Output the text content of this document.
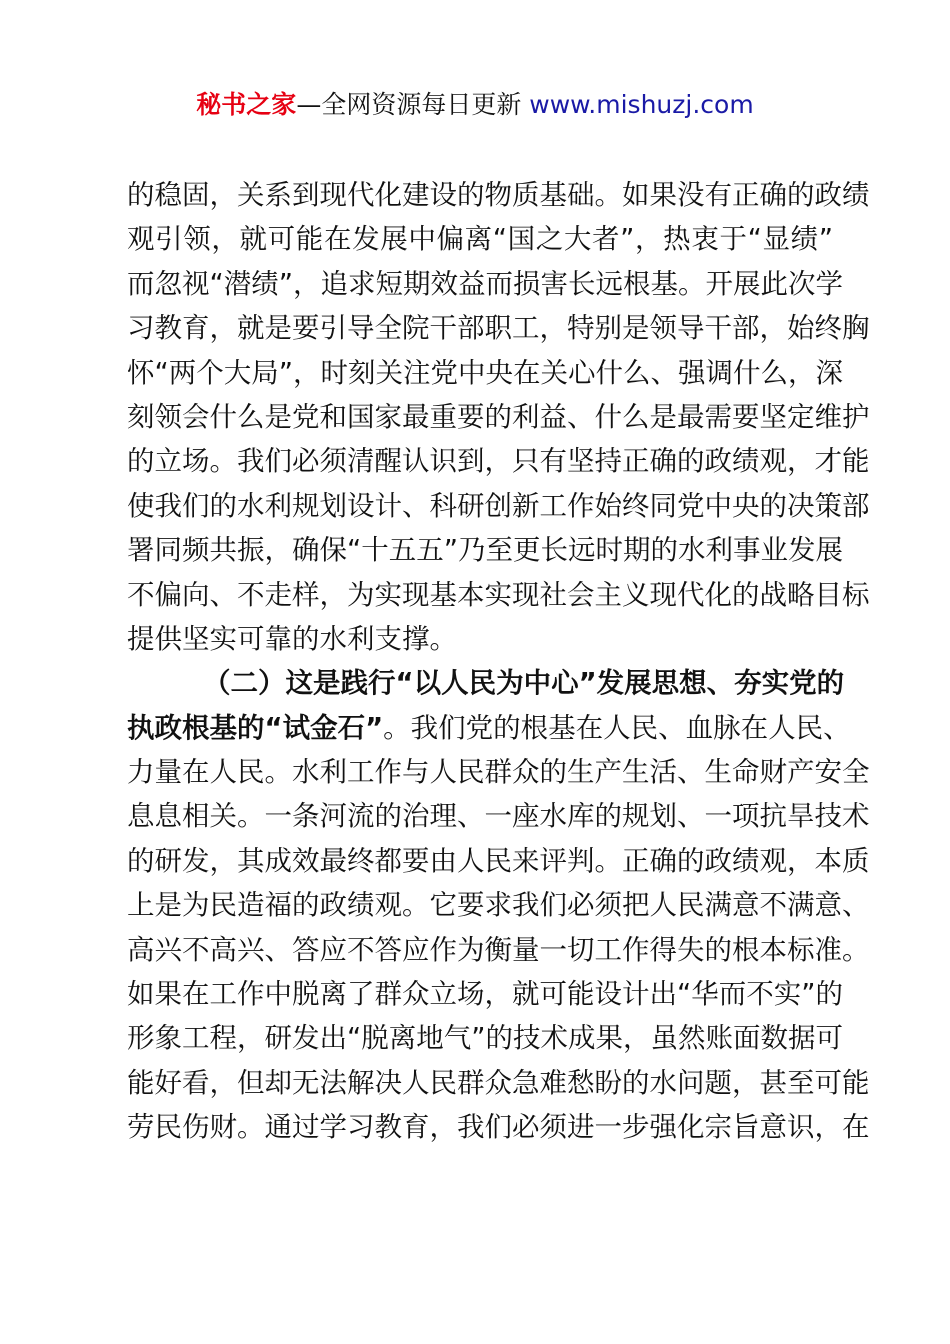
秘书之家—全网资源每日更新 www.mishuzj.com
的稳固，关系到现代化建设的物质基础。如果没有正确的政绩
观引领，就可能在发展中偏离“国之大者”，热衷于“显绩”
而忽视“潜绩”，追求短期效益而损害长远根基。开展此次学
习教育，就是要引导全院干部职工，特别是领导干部，始终胸
怀“两个大局”，时刻关注党中央在关心什么、强调什么，深
刻领会什么是党和国家最重要的利益、什么是最需要坚定维护
的立场。我们必须清醒认识到，只有坚持正确的政绩观，才能
使我们的水利规划设计、科研创新工作始终同党中央的决策部
署同频共振，确保“十五五”乃至更长远时期的水利事业发展
不偏向、不走样，为实现基本实现社会主义现代化的战略目标
提供坚实可靠的水利支撑。
（二）这是践行“以人民为中心”发展思想、夯实党的
执政根基的“试金石”。我们党的根基在人民、血脉在人民、
力量在人民。水利工作与人民群众的生产生活、生命财产安全
息息相关。一条河流的治理、一座水库的规划、一项抗旱技术
的研发，其成效最终都要由人民来评判。正确的政绩观，本质
上是为民造福的政绩观。它要求我们必须把人民满意不满意、
高兴不高兴、答应不答应作为衡量一切工作得失的根本标准。
如果在工作中脱离了群众立场，就可能设计出“华而不实”的
形象工程，研发出“脱离地气”的技术成果，虽然账面数据可
能好看，但却无法解决人民群众急难愁盼的水问题，甚至可能
劳民伤财。通过学习教育，我们必须进一步强化宗旨意识，在
